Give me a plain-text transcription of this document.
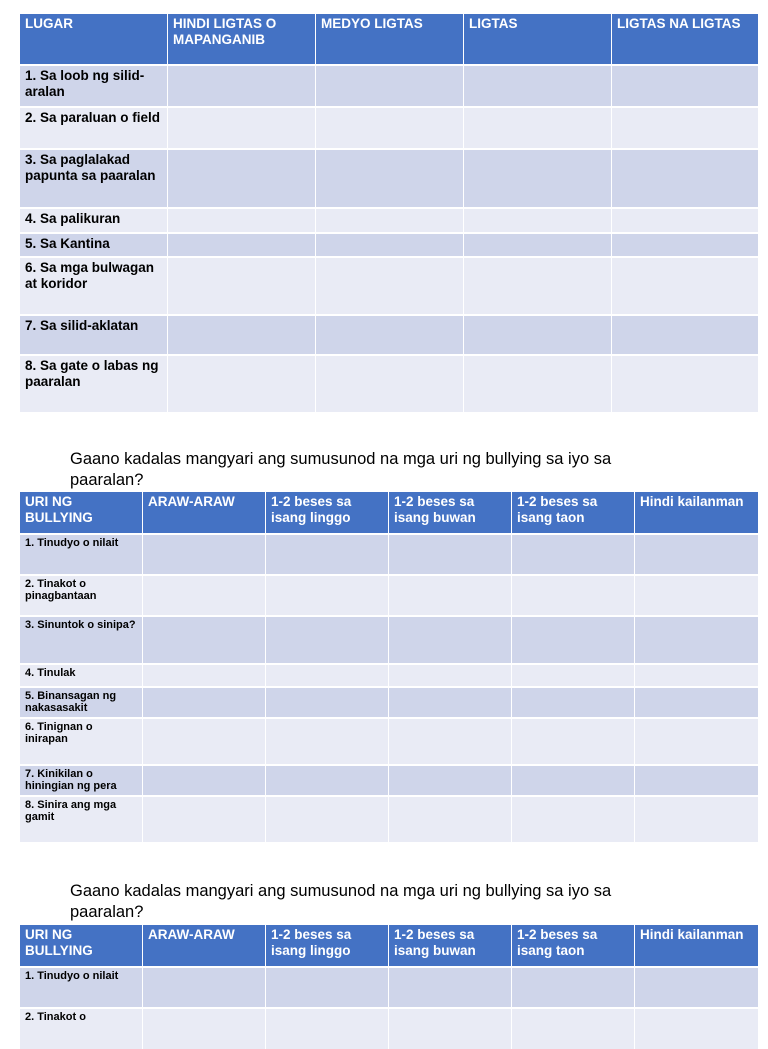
LUGAR	HINDI LIGTAS O MAPANGANIB	MEDYO LIGTAS	LIGTAS	LIGTAS NA LIGTAS
1. Sa loob ng silid-aralan				
2. Sa paraluan o field				
3. Sa paglalakad papunta sa paaralan				
4. Sa palikuran				
5. Sa Kantina				
6. Sa mga bulwagan at koridor				
7. Sa silid-aklatan				
8. Sa gate o labas ng paaralan				

Gaano kadalas mangyari ang sumusunod na mga uri ng bullying sa iyo sa paaralan?

URI NG BULLYING	ARAW-ARAW	1-2 beses sa isang linggo	1-2 beses sa isang buwan	1-2 beses sa isang taon	Hindi kailanman
1. Tinudyo o nilait					
2. Tinakot o pinagbantaan					
3. Sinuntok o sinipa?					
4. Tinulak					
5. Binansagan ng nakasasakit					
6. Tinignan o inirapan					
7. Kinikilan o hiningian ng pera					
8. Sinira ang mga gamit					

Gaano kadalas mangyari ang sumusunod na mga uri ng bullying sa iyo sa paaralan?

URI NG BULLYING	ARAW-ARAW	1-2 beses sa isang linggo	1-2 beses sa isang buwan	1-2 beses sa isang taon	Hindi kailanman
1. Tinudyo o nilait					
2. Tinakot o					
